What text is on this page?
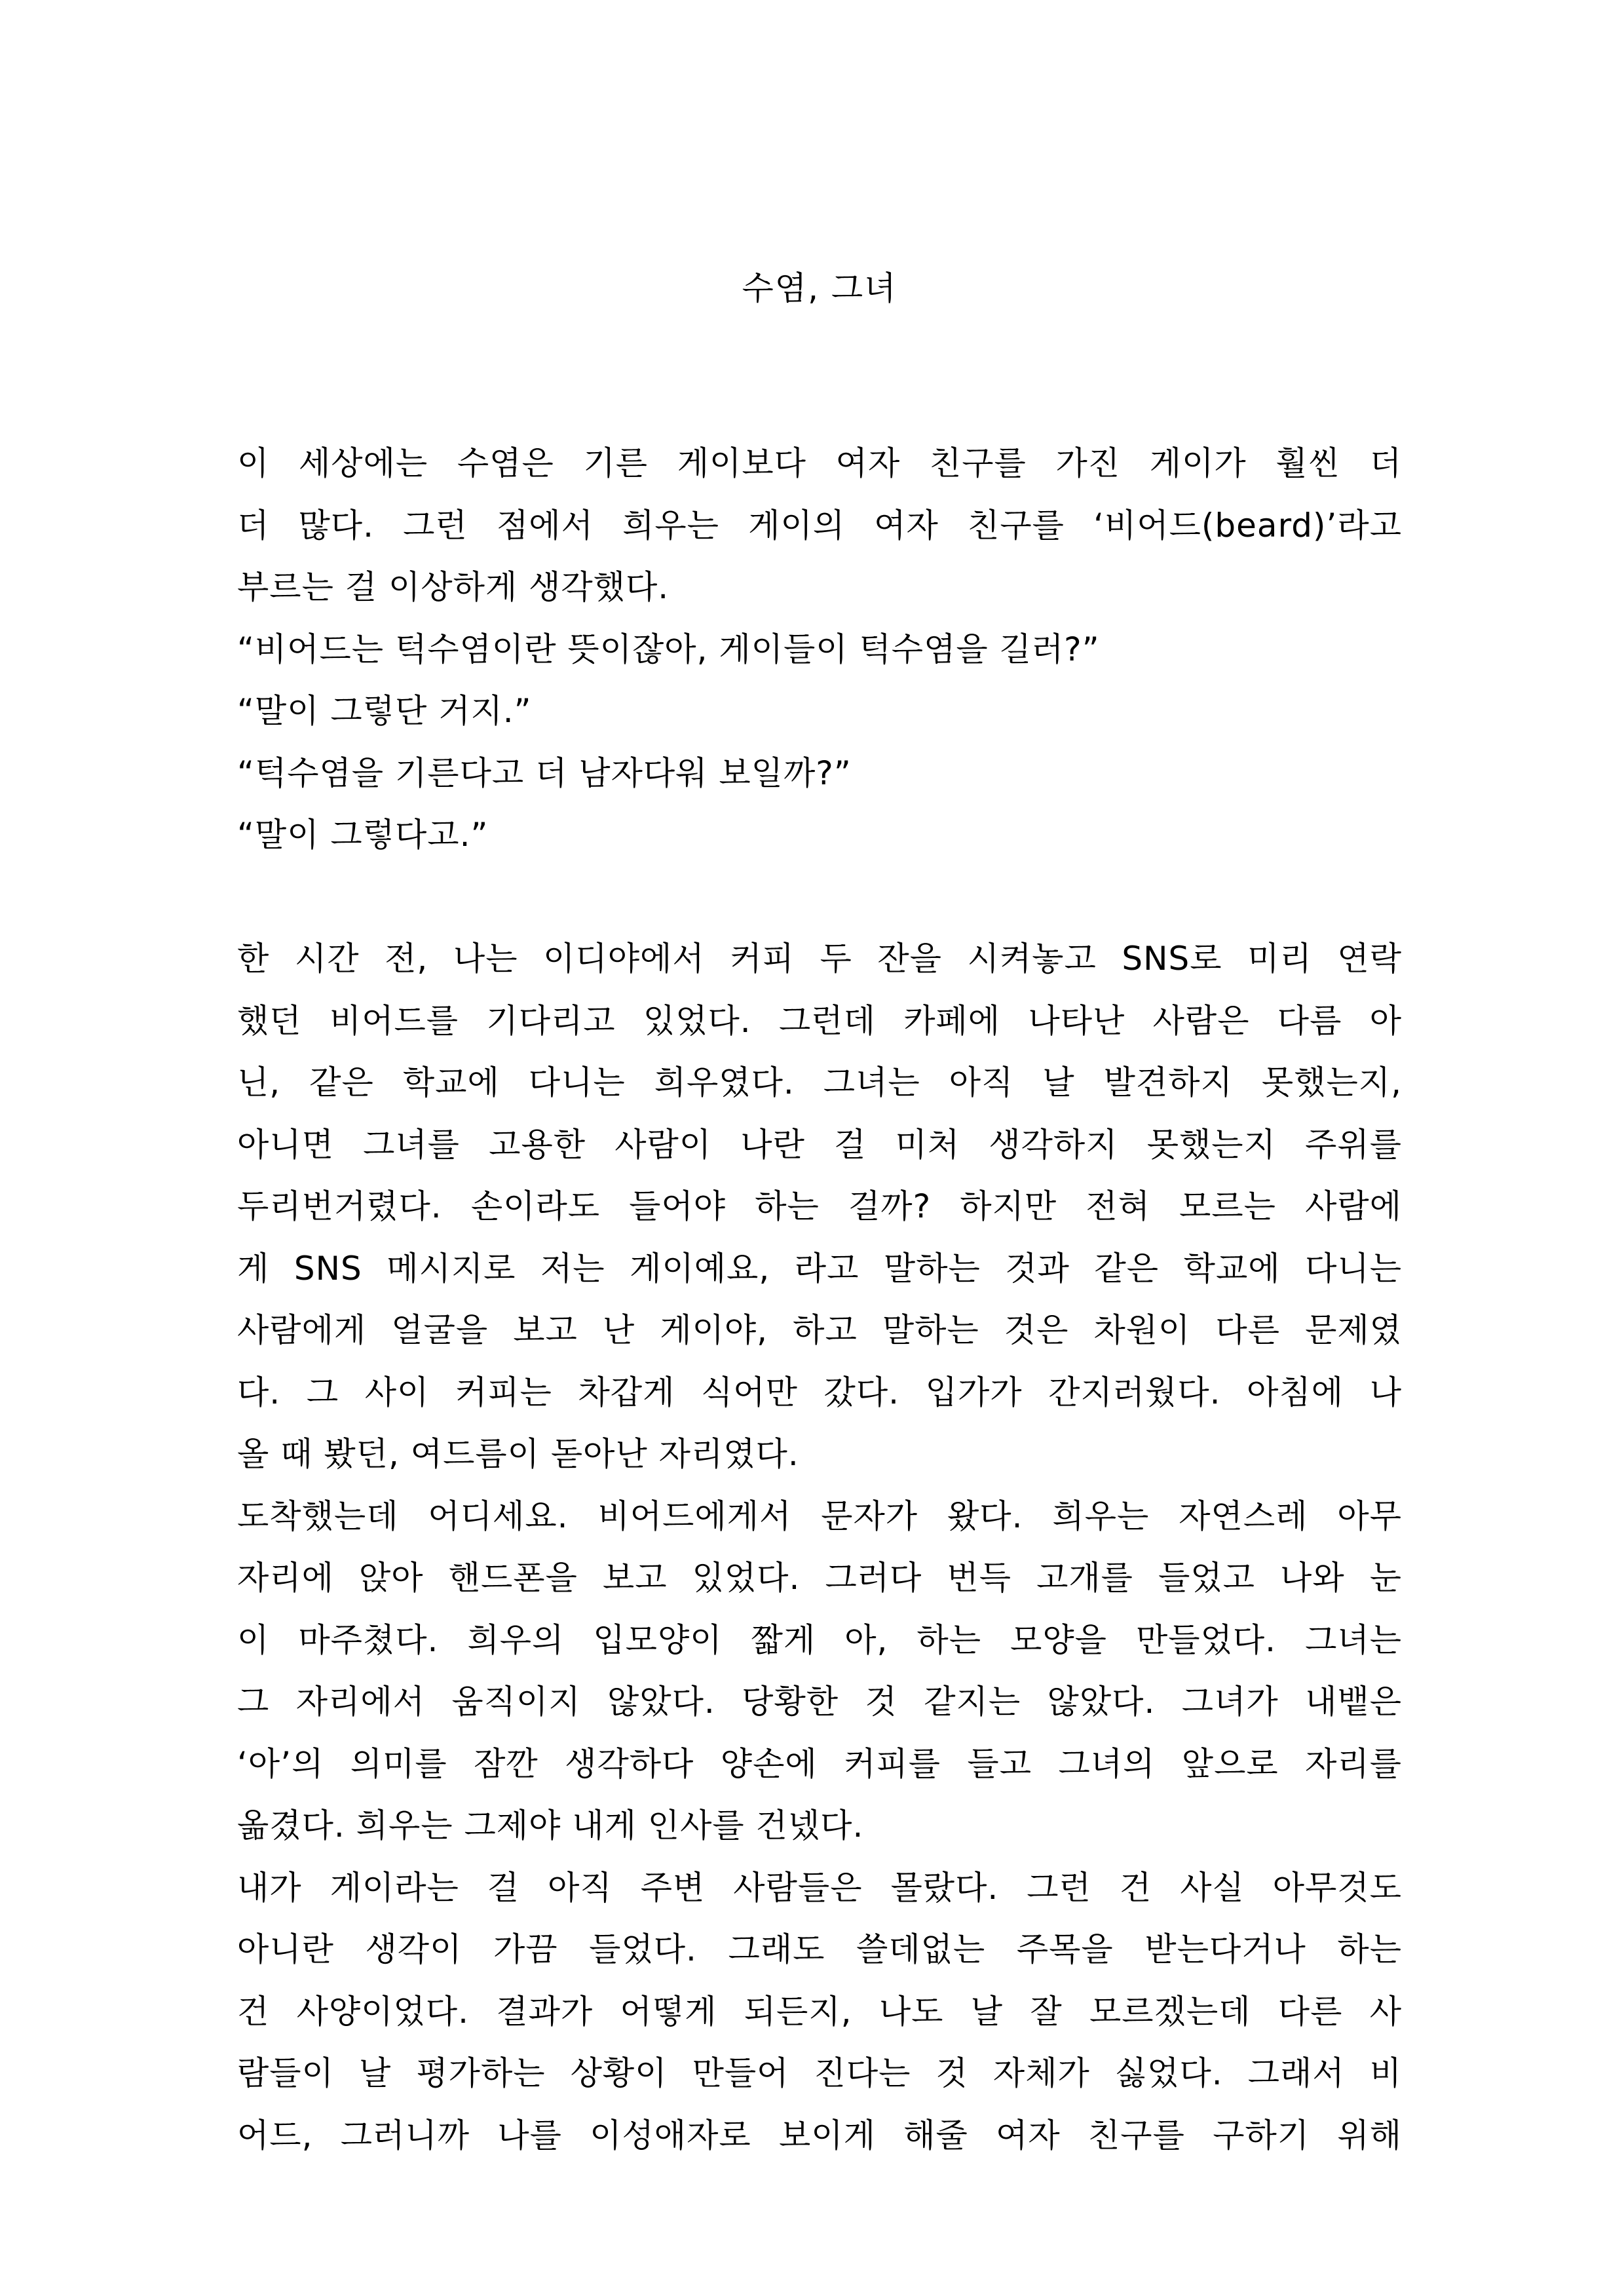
수염, 그녀
이 세상에는 수염은 기른 게이보다 여자 친구를 가진 게이가 훨씬 더
더 많다. 그런 점에서 희우는 게이의 여자 친구를 ‘비어드(beard)’라고
부르는 걸 이상하게 생각했다.
“비어드는 턱수염이란 뜻이잖아, 게이들이 턱수염을 길러?”
“말이 그렇단 거지.”
“턱수염을 기른다고 더 남자다워 보일까?”
“말이 그렇다고.”
한 시간 전, 나는 이디야에서 커피 두 잔을 시켜놓고 SNS로 미리 연락
했던 비어드를 기다리고 있었다. 그런데 카페에 나타난 사람은 다름 아
닌, 같은 학교에 다니는 희우였다. 그녀는 아직 날 발견하지 못했는지,
아니면 그녀를 고용한 사람이 나란 걸 미처 생각하지 못했는지 주위를
두리번거렸다. 손이라도 들어야 하는 걸까? 하지만 전혀 모르는 사람에
게 SNS 메시지로 저는 게이예요, 라고 말하는 것과 같은 학교에 다니는
사람에게 얼굴을 보고 난 게이야, 하고 말하는 것은 차원이 다른 문제였
다. 그 사이 커피는 차갑게 식어만 갔다. 입가가 간지러웠다. 아침에 나
올 때 봤던, 여드름이 돋아난 자리였다.
도착했는데 어디세요. 비어드에게서 문자가 왔다. 희우는 자연스레 아무
자리에 앉아 핸드폰을 보고 있었다. 그러다 번득 고개를 들었고 나와 눈
이 마주쳤다. 희우의 입모양이 짧게 아, 하는 모양을 만들었다. 그녀는
그 자리에서 움직이지 않았다. 당황한 것 같지는 않았다. 그녀가 내뱉은
‘아’의 의미를 잠깐 생각하다 양손에 커피를 들고 그녀의 앞으로 자리를
옮겼다. 희우는 그제야 내게 인사를 건넸다.
내가 게이라는 걸 아직 주변 사람들은 몰랐다. 그런 건 사실 아무것도
아니란 생각이 가끔 들었다. 그래도 쓸데없는 주목을 받는다거나 하는
건 사양이었다. 결과가 어떻게 되든지, 나도 날 잘 모르겠는데 다른 사
람들이 날 평가하는 상황이 만들어 진다는 것 자체가 싫었다. 그래서 비
어드, 그러니까 나를 이성애자로 보이게 해줄 여자 친구를 구하기 위해
